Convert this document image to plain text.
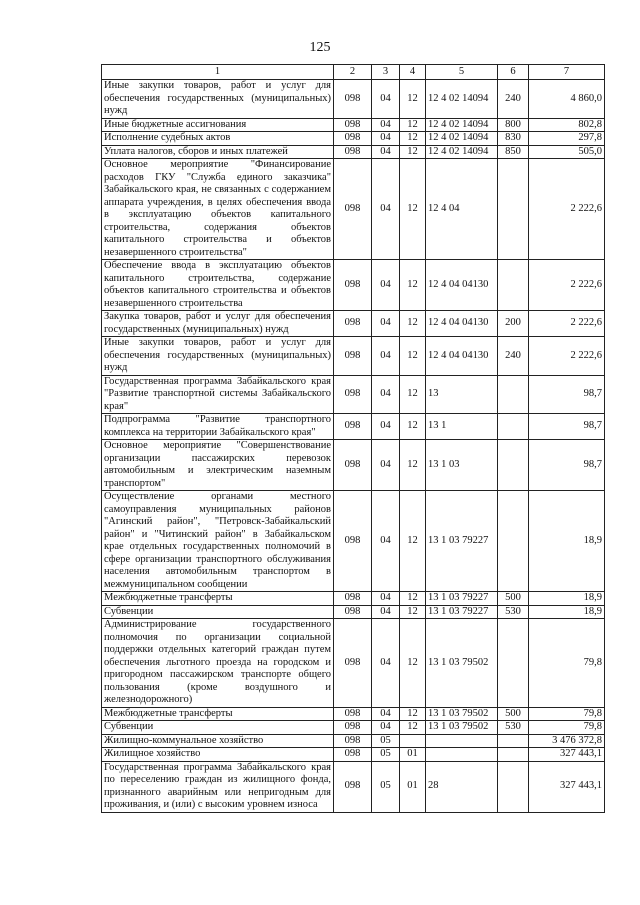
125
1	2	3	4	5	6	7
Иные закупки товаров, работ и услуг для обеспечения государственных (муниципальных) нужд	098	04	12	12 4 02 14094	240	4 860,0
Иные бюджетные ассигнования	098	04	12	12 4 02 14094	800	802,8
Исполнение судебных актов	098	04	12	12 4 02 14094	830	297,8
Уплата налогов, сборов и иных платежей	098	04	12	12 4 02 14094	850	505,0
Основное мероприятие "Финансирование расходов ГКУ "Служба единого заказчика" Забайкальского края, не связанных с содержанием аппарата учреждения, в целях обеспечения ввода в эксплуатацию объектов капитального строительства, содержания объектов капитального строительства и объектов незавершенного строительства"	098	04	12	12 4 04		2 222,6
Обеспечение ввода в эксплуатацию объектов капитального строительства, содержание объектов капитального строительства и объектов незавершенного строительства	098	04	12	12 4 04 04130		2 222,6
Закупка товаров, работ и услуг для обеспечения государственных (муниципальных) нужд	098	04	12	12 4 04 04130	200	2 222,6
Иные закупки товаров, работ и услуг для обеспечения государственных (муниципальных) нужд	098	04	12	12 4 04 04130	240	2 222,6
Государственная программа Забайкальского края "Развитие транспортной системы Забайкальского края"	098	04	12	13		98,7
Подпрограмма "Развитие транспортного комплекса на территории Забайкальского края"	098	04	12	13 1		98,7
Основное мероприятие "Совершенствование организации пассажирских перевозок автомобильным и электрическим наземным транспортом"	098	04	12	13 1 03		98,7
Осуществление органами местного самоуправления муниципальных районов "Агинский район", "Петровск-Забайкальский район" и "Читинский район" в Забайкальском крае отдельных государственных полномочий в сфере организации транспортного обслуживания населения автомобильным транспортом в межмуниципальном сообщении	098	04	12	13 1 03 79227		18,9
Межбюджетные трансферты	098	04	12	13 1 03 79227	500	18,9
Субвенции	098	04	12	13 1 03 79227	530	18,9
Администрирование государственного полномочия по организации социальной поддержки отдельных категорий граждан путем обеспечения льготного проезда на городском и пригородном пассажирском транспорте общего пользования (кроме воздушного и железнодорожного)	098	04	12	13 1 03 79502		79,8
Межбюджетные трансферты	098	04	12	13 1 03 79502	500	79,8
Субвенции	098	04	12	13 1 03 79502	530	79,8
Жилищно-коммунальное хозяйство	098	05				3 476 372,8
Жилищное хозяйство	098	05	01			327 443,1
Государственная программа Забайкальского края по переселению граждан из жилищного фонда, признанного аварийным или непригодным для проживания, и (или) с высоким уровнем износа	098	05	01	28		327 443,1
